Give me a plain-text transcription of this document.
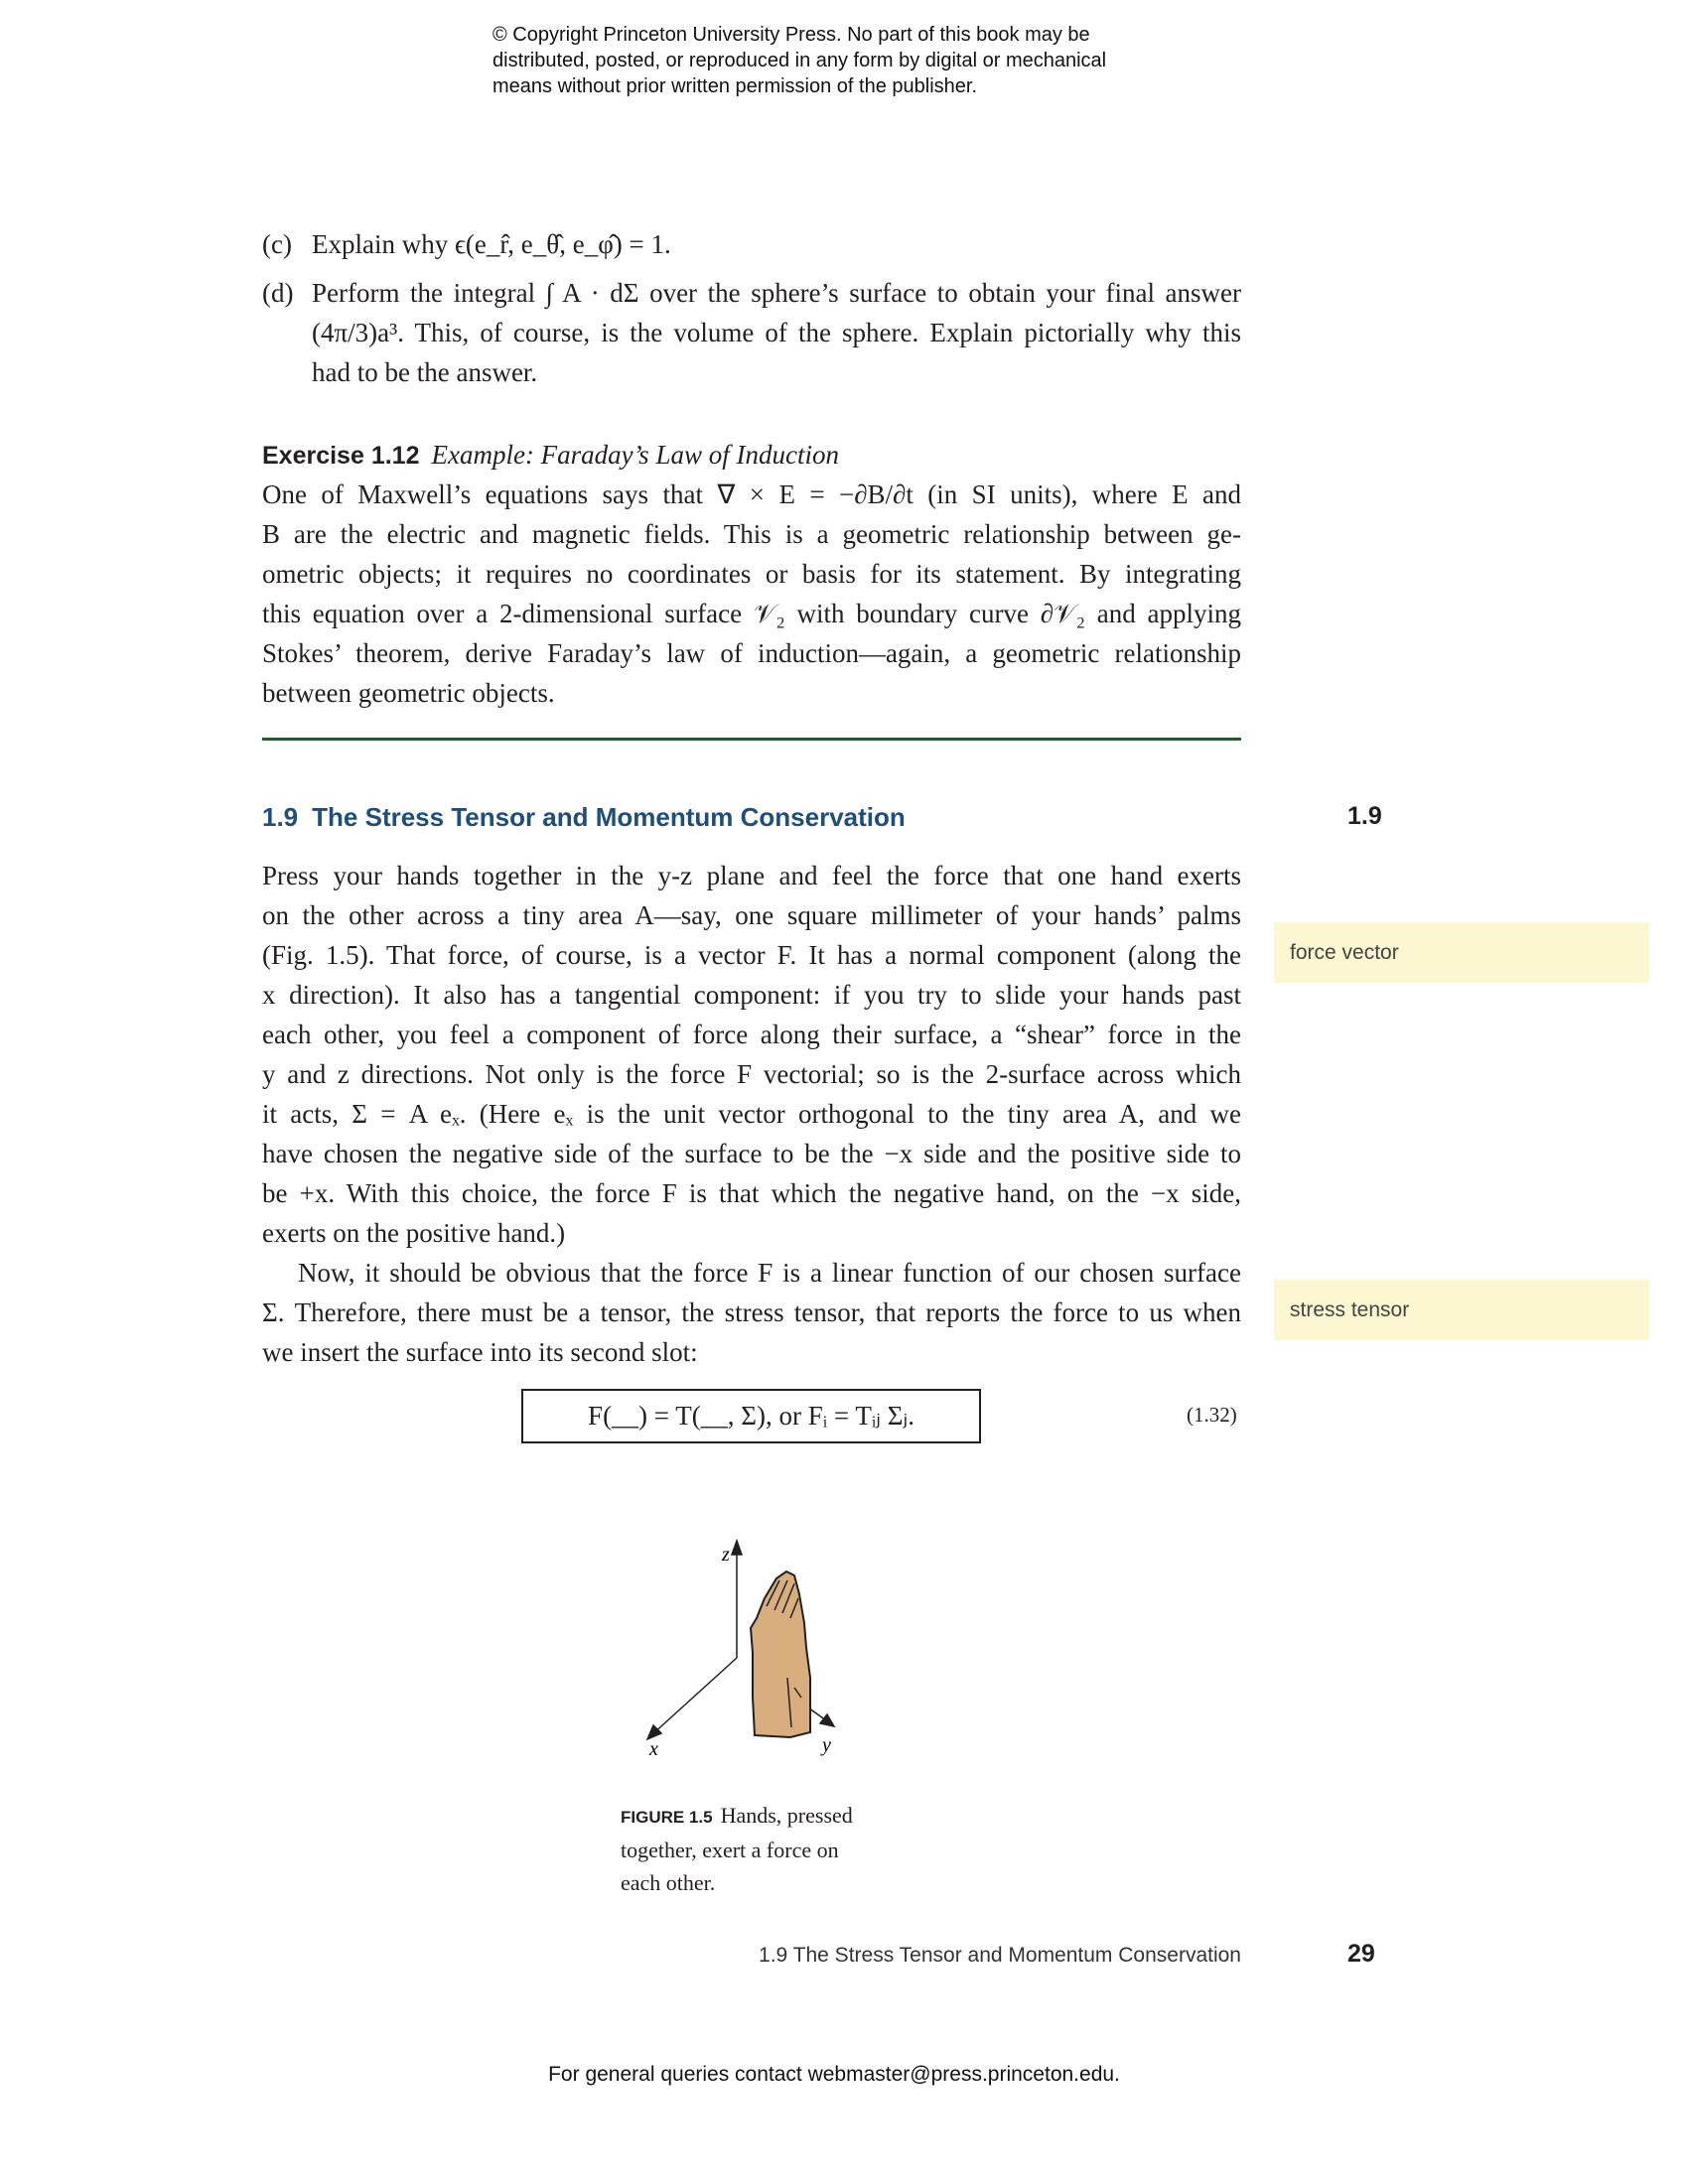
© Copyright Princeton University Press. No part of this book may be
distributed, posted, or reproduced in any form by digital or mechanical
means without prior written permission of the publisher.
(c) Explain why ϵ(e_r̂, e_θ̂, e_φ̂) = 1.
(d) Perform the integral ∫ A · dΣ over the sphere’s surface to obtain your final answer
(4π/3)a³. This, of course, is the volume of the sphere. Explain pictorially why this
had to be the answer.
Exercise 1.12 Example: Faraday’s Law of Induction
One of Maxwell’s equations says that ∇ × E = −∂B/∂t (in SI units), where E and
B are the electric and magnetic fields. This is a geometric relationship between ge-
ometric objects; it requires no coordinates or basis for its statement. By integrating
this equation over a 2-dimensional surface 𝒱₂ with boundary curve ∂𝒱₂ and applying
Stokes’ theorem, derive Faraday’s law of induction—again, a geometric relationship
between geometric objects.
1.9 The Stress Tensor and Momentum Conservation	1.9
Press your hands together in the y-z plane and feel the force that one hand exerts
on the other across a tiny area A—say, one square millimeter of your hands’ palms
(Fig. 1.5). That force, of course, is a vector F. It has a normal component (along the
x direction). It also has a tangential component: if you try to slide your hands past
each other, you feel a component of force along their surface, a “shear” force in the
y and z directions. Not only is the force F vectorial; so is the 2-surface across which
it acts, Σ = A eₓ. (Here eₓ is the unit vector orthogonal to the tiny area A, and we
have chosen the negative side of the surface to be the −x side and the positive side to
be +x. With this choice, the force F is that which the negative hand, on the −x side,
exerts on the positive hand.)
Now, it should be obvious that the force F is a linear function of our chosen surface
Σ. Therefore, there must be a tensor, the stress tensor, that reports the force to us when
we insert the surface into its second slot:
force vector
stress tensor
F(__) = T(__, Σ), or Fᵢ = Tᵢⱼ Σⱼ.	(1.32)
z
x	y
FIGURE 1.5 Hands, pressed
together, exert a force on
each other.
1.9 The Stress Tensor and Momentum Conservation	29
For general queries contact webmaster@press.princeton.edu.
